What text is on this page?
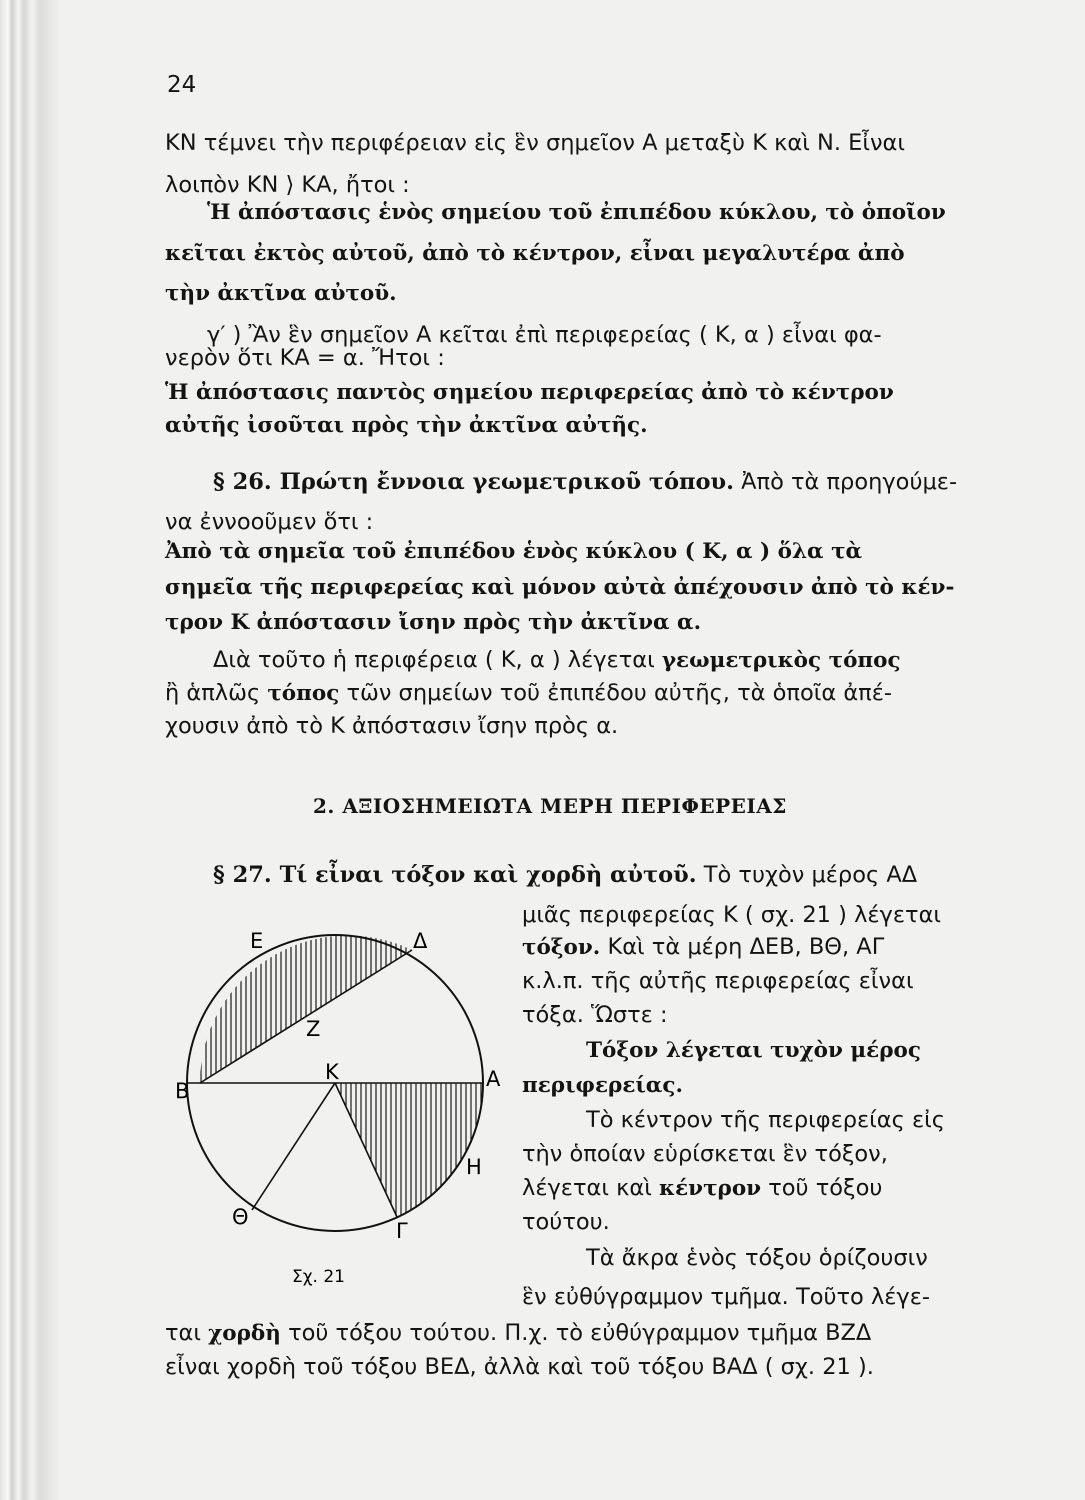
24
ΚΝ τέμνει τὴν περιφέρειαν εἰς ἓν σημεῖον Α μεταξὺ Κ καὶ Ν. Εἶναι
λοιπὸν ΚΝ ⟩ ΚΑ, ἤτοι :
Ἡ ἀπόστασις ἑνὸς σημείου τοῦ ἐπιπέδου κύκλου, τὸ ὁποῖον
κεῖται ἐκτὸς αὐτοῦ, ἀπὸ τὸ κέντρον, εἶναι μεγαλυτέρα ἀπὸ
τὴν ἀκτῖνα αὐτοῦ.
γ′ ) Ἂν ἓν σημεῖον Α κεῖται ἐπὶ περιφερείας ( Κ, α ) εἶναι φα-
νερὸν ὅτι ΚΑ = α. Ἤτοι :
Ἡ ἀπόστασις παντὸς σημείου περιφερείας ἀπὸ τὸ κέντρον
αὐτῆς ἰσοῦται πρὸς τὴν ἀκτῖνα αὐτῆς.
§ 26. Πρώτη ἔννοια γεωμετρικοῦ τόπου. Ἀπὸ τὰ προηγούμε-
να ἐννοοῦμεν ὅτι :
Ἀπὸ τὰ σημεῖα τοῦ ἐπιπέδου ἑνὸς κύκλου ( Κ, α ) ὅλα τὰ
σημεῖα τῆς περιφερείας καὶ μόνον αὐτὰ ἀπέχουσιν ἀπὸ τὸ κέν-
τρον Κ ἀπόστασιν ἴσην πρὸς τὴν ἀκτῖνα α.
Διὰ τοῦτο ἡ περιφέρεια ( Κ, α ) λέγεται γεωμετρικὸς τόπος
ἢ ἁπλῶς τόπος τῶν σημείων τοῦ ἐπιπέδου αὐτῆς, τὰ ὁποῖα ἀπέ-
χουσιν ἀπὸ τὸ Κ ἀπόστασιν ἴσην πρὸς α.
2. ΑΞΙΟΣΗΜΕΙΩΤΑ ΜΕΡΗ ΠΕΡΙΦΕΡΕΙΑΣ
§ 27. Τί εἶναι τόξον καὶ χορδὴ αὐτοῦ. Τὸ τυχὸν μέρος ΑΔ
μιᾶς περιφερείας Κ ( σχ. 21 ) λέγεται
τόξον. Καὶ τὰ μέρη ΔΕΒ, ΒΘ, ΑΓ
κ.λ.π. τῆς αὐτῆς περιφερείας εἶναι
τόξα. Ὥστε :
Τόξον λέγεται τυχὸν μέρος
περιφερείας.
Τὸ κέντρον τῆς περιφερείας εἰς
τὴν ὁποίαν εὑρίσκεται ἓν τόξον,
λέγεται καὶ κέντρον τοῦ τόξου
τούτου.
Τὰ ἄκρα ἑνὸς τόξου ὁρίζουσιν
ἓν εὐθύγραμμον τμῆμα. Τοῦτο λέγε-
ται χορδὴ τοῦ τόξου τούτου. Π.χ. τὸ εὐθύγραμμον τμῆμα ΒΖΔ
εἶναι χορδὴ τοῦ τόξου ΒΕΔ, ἀλλὰ καὶ τοῦ τόξου ΒΑΔ ( σχ. 21 ).
Ε	Δ
Ζ
Κ
Β	Α
Η
Θ
Γ
Σχ. 21
